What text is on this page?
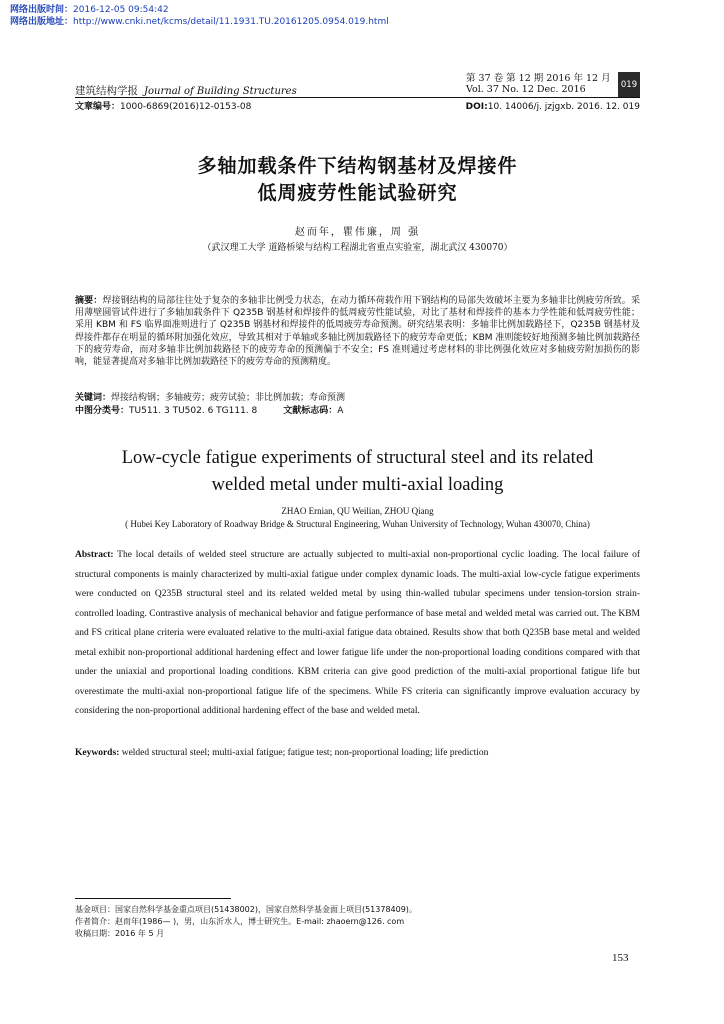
网络出版时间：2016-12-05 09:54:42
网络出版地址：http://www.cnki.net/kcms/detail/11.1931.TU.20161205.0954.019.html
建筑结构学报 Journal of Building Structures
第 37 卷 第 12 期 2016 年 12 月
Vol. 37 No. 12 Dec. 2016	019
文章编号：1000-6869(2016)12-0153-08	DOI:10. 14006/j. jzjgxb. 2016. 12. 019
多轴加载条件下结构钢基材及焊接件
低周疲劳性能试验研究
赵而年，瞿伟廉，周 强
（武汉理工大学 道路桥梁与结构工程湖北省重点实验室，湖北武汉 430070）
摘要：焊接钢结构的局部往往处于复杂的多轴非比例受力状态，在动力循环荷载作用下钢结构的局部失效破坏主要为多轴非比例疲劳所致。采用薄壁圆管试件进行了多轴加载条件下 Q235B 钢基材和焊接件的低周疲劳性能试验，对比了基材和焊接件的基本力学性能和低周疲劳性能；采用 KBM 和 FS 临界面准则进行了 Q235B 钢基材和焊接件的低周疲劳寿命预测。研究结果表明：多轴非比例加载路径下，Q235B 钢基材及焊接件都存在明显的循环附加强化效应，导致其相对于单轴或多轴比例加载路径下的疲劳寿命更低；KBM 准则能较好地预测多轴比例加载路径下的疲劳寿命，而对多轴非比例加载路径下的疲劳寿命的预测偏于不安全；FS 准则通过考虑材料的非比例强化效应对多轴疲劳附加损伤的影响，能显著提高对多轴非比例加载路径下的疲劳寿命的预测精度。
关键词：焊接结构钢；多轴疲劳；疲劳试验；非比例加载；寿命预测
中图分类号：TU511. 3 TU502. 6 TG111. 8	文献标志码：A
Low-cycle fatigue experiments of structural steel and its related
welded metal under multi-axial loading
ZHAO Ernian, QU Weilian, ZHOU Qiang
( Hubei Key Laboratory of Roadway Bridge & Structural Engineering, Wuhan University of Technology, Wuhan 430070, China)
Abstract: The local details of welded steel structure are actually subjected to multi-axial non-proportional cyclic loading. The local failure of structural components is mainly characterized by multi-axial fatigue under complex dynamic loads. The multi-axial low-cycle fatigue experiments were conducted on Q235B structural steel and its related welded metal by using thin-walled tubular specimens under tension-torsion strain-controlled loading. Contrastive analysis of mechanical behavior and fatigue performance of base metal and welded metal was carried out. The KBM and FS critical plane criteria were evaluated relative to the multi-axial fatigue data obtained. Results show that both Q235B base metal and welded metal exhibit non-proportional additional hardening effect and lower fatigue life under the non-proportional loading conditions compared with that under the uniaxial and proportional loading conditions. KBM criteria can give good prediction of the multi-axial proportional fatigue life but overestimate the multi-axial non-proportional fatigue life of the specimens. While FS criteria can significantly improve evaluation accuracy by considering the non-proportional additional hardening effect of the base and welded metal.
Keywords: welded structural steel; multi-axial fatigue; fatigue test; non-proportional loading; life prediction
基金项目：国家自然科学基金重点项目(51438002)，国家自然科学基金面上项目(51378409)。
作者简介：赵而年(1986— )，男，山东沂水人，博士研究生。E-mail: zhaoern@126. com
收稿日期：2016 年 5 月
153
